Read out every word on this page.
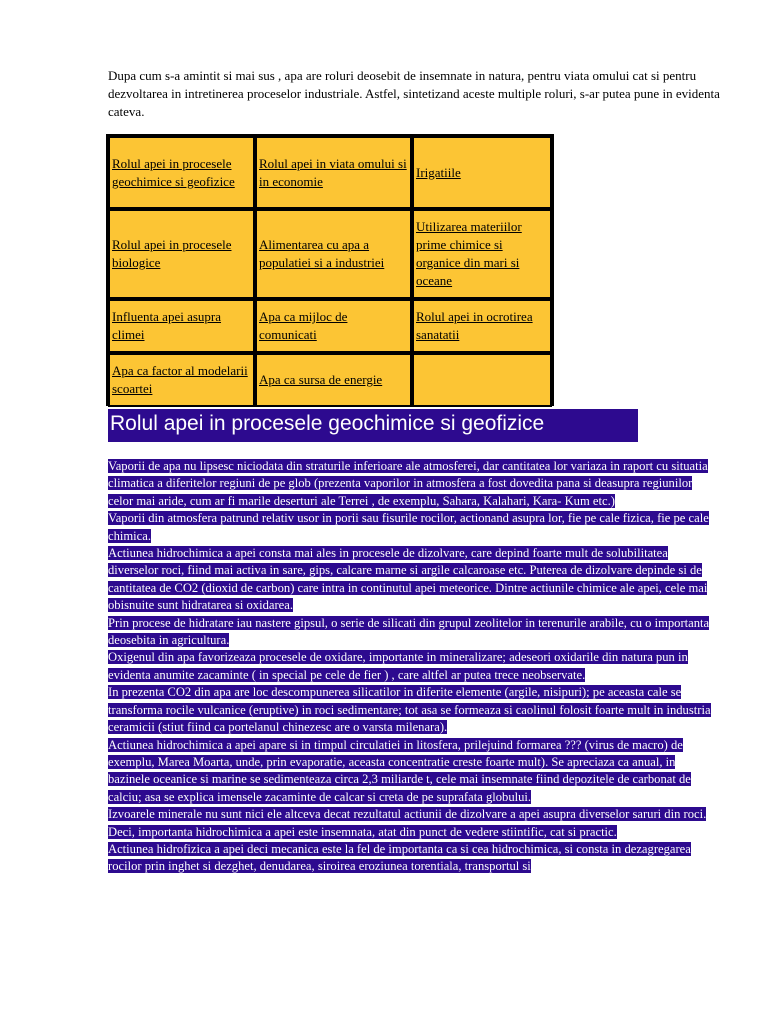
Dupa cum s-a amintit si mai sus , apa are roluri deosebit de insemnate in natura, pentru viata omului cat si pentru dezvoltarea in intretinerea proceselor industriale. Astfel, sintetizand aceste multiple roluri, s-ar putea pune in evidenta cateva.
Rolul apei in procesele geochimice si geofizice
Rolul apei in viata omului si in economie
Irigatiile
Rolul apei in procesele biologice
Alimentarea cu apa a populatiei si a industriei
Utilizarea materiilor prime chimice si organice din mari si oceane
Influenta apei asupra climei
Apa ca mijloc de comunicati
Rolul apei in ocrotirea sanatatii
Apa ca factor al modelarii scoartei
Apa ca sursa de energie
Rolul apei in procesele geochimice si geofizice

Vaporii de apa nu lipsesc niciodata din straturile inferioare ale atmosferei, dar cantitatea lor variaza in raport cu situatia climatica a diferitelor regiuni de pe glob (prezenta vaporilor in atmosfera a fost dovedita pana si deasupra regiunilor celor mai aride, cum ar fi marile deserturi ale Terrei , de exemplu, Sahara, Kalahari, Kara- Kum etc.)

Vaporii din atmosfera patrund relativ usor in porii sau fisurile rocilor, actionand asupra lor, fie pe cale fizica, fie pe cale chimica.

Actiunea hidrochimica a apei consta mai ales in procesele de dizolvare, care depind foarte mult de solubilitatea diverselor roci, fiind mai activa in sare, gips, calcare marne si argile calcaroase etc. Puterea de dizolvare depinde si de cantitatea de CO2 (dioxid de carbon) care intra in continutul apei meteorice. Dintre actiunile chimice ale apei, cele mai obisnuite sunt hidratarea si oxidarea.

Prin procese de hidratare iau nastere gipsul, o serie de silicati din grupul zeolitelor in terenurile arabile, cu o importanta deosebita in agricultura.

Oxigenul din apa favorizeaza procesele de oxidare, importante in mineralizare; adeseori oxidarile din natura pun in evidenta anumite zacaminte ( in special pe cele de fier ) , care altfel ar putea trece neobservate.

In prezenta CO2 din apa are loc descompunerea silicatilor in diferite elemente (argile, nisipuri); pe aceasta cale se transforma rocile vulcanice (eruptive) in roci sedimentare; tot asa se formeaza si caolinul folosit foarte mult in industria ceramicii (stiut fiind ca portelanul chinezesc are o varsta milenara).

Actiunea hidrochimica a apei apare si in timpul circulatiei in litosfera, prilejuind formarea ??? (virus de macro) de exemplu, Marea Moarta, unde, prin evaporatie, aceasta concentratie creste foarte mult). Se apreciaza ca anual, in bazinele oceanice si marine se sedimenteaza circa 2,3 miliarde t, cele mai insemnate fiind depozitele de carbonat de calciu; asa se explica imensele zacaminte de calcar si creta de pe suprafata globului.

Izvoarele minerale nu sunt nici ele altceva decat rezultatul actiunii de dizolvare a apei asupra diverselor saruri din roci.

Deci, importanta hidrochimica a apei este insemnata, atat din punct de vedere stiintific, cat si practic.

Actiunea hidrofizica a apei deci mecanica este la fel de importanta ca si cea hidrochimica, si consta in dezagregarea rocilor prin inghet si dezghet, denudarea, siroirea eroziunea torentiala, transportul si
